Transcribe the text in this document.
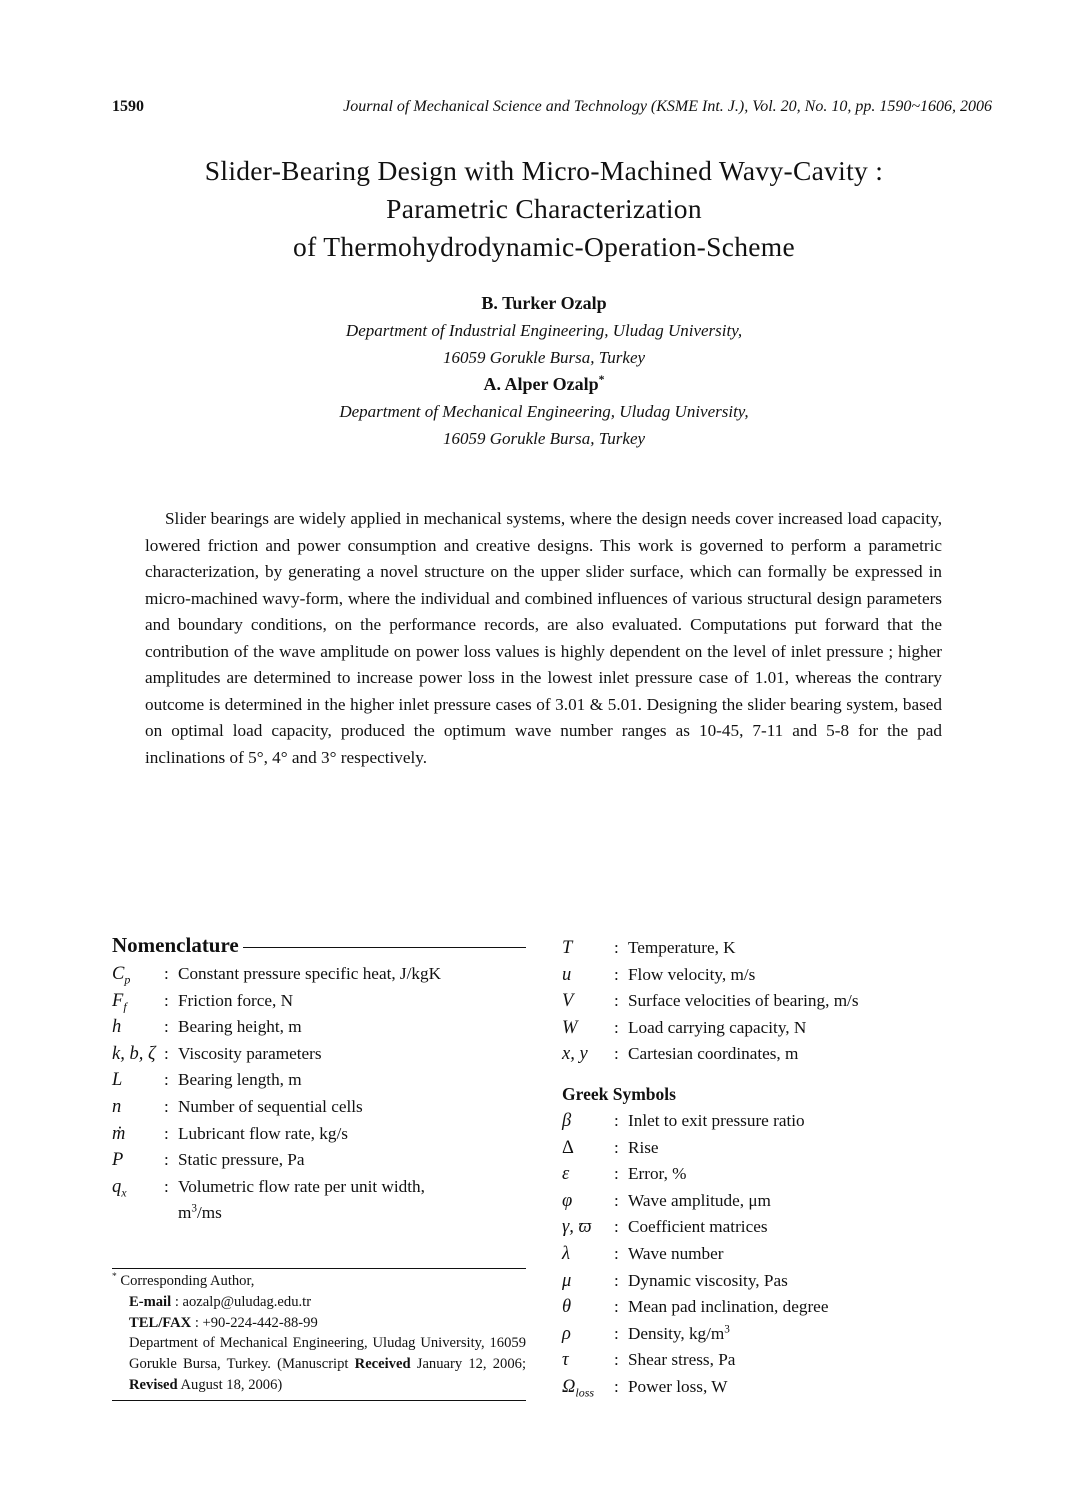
1590	Journal of Mechanical Science and Technology (KSME Int. J.), Vol. 20, No. 10, pp. 1590~1606, 2006
Slider-Bearing Design with Micro-Machined Wavy-Cavity :
Parametric Characterization
of Thermohydrodynamic-Operation-Scheme
B. Turker Ozalp
Department of Industrial Engineering, Uludag University,
16059 Gorukle Bursa, Turkey
A. Alper Ozalp*
Department of Mechanical Engineering, Uludag University,
16059 Gorukle Bursa, Turkey

Slider bearings are widely applied in mechanical systems, where the design needs cover increased load capacity, lowered friction and power consumption and creative designs. This work is governed to perform a parametric characterization, by generating a novel structure on the upper slider surface, which can formally be expressed in micro-machined wavy-form, where the individual and combined influences of various structural design parameters and boundary conditions, on the performance records, are also evaluated. Computations put forward that the contribution of the wave amplitude on power loss values is highly dependent on the level of inlet pressure ; higher amplitudes are determined to increase power loss in the lowest inlet pressure case of 1.01, whereas the contrary outcome is determined in the higher inlet pressure cases of 3.01 & 5.01. Designing the slider bearing system, based on optimal load capacity, produced the optimum wave number ranges as 10-45, 7-11 and 5-8 for the pad inclinations of 5°, 4° and 3° respectively.

Nomenclature
$C_p$	: Constant pressure specific heat, J/kgK
$F_f$	: Friction force, N
h	: Bearing height, m
k, b, ζ : Viscosity parameters
L	: Bearing length, m
n	: Number of sequential cells
ṁ	: Lubricant flow rate, kg/s
P	: Static pressure, Pa
$q_x$	: Volumetric flow rate per unit width,
$m^3/ms$
T	: Temperature, K
u	: Flow velocity, m/s
V	: Surface velocities of bearing, m/s
W	: Load carrying capacity, N
x, y	: Cartesian coordinates, m
Greek Symbols
β	: Inlet to exit pressure ratio
Δ	: Rise
ε	: Error, %
φ	: Wave amplitude, μm
γ, ϖ	: Coefficient matrices
λ	: Wave number
μ	: Dynamic viscosity, Pas
θ	: Mean pad inclination, degree
ρ	: Density, $kg/m^3$
τ	: Shear stress, Pa
$\Omega_{loss}$	: Power loss, W
* Corresponding Author,
E-mail : aozalp@uludag.edu.tr
TEL/FAX : +90-224-442-88-99
Department of Mechanical Engineering, Uludag University, 16059 Gorukle Bursa, Turkey. (Manuscript Received January 12, 2006; Revised August 18, 2006)
